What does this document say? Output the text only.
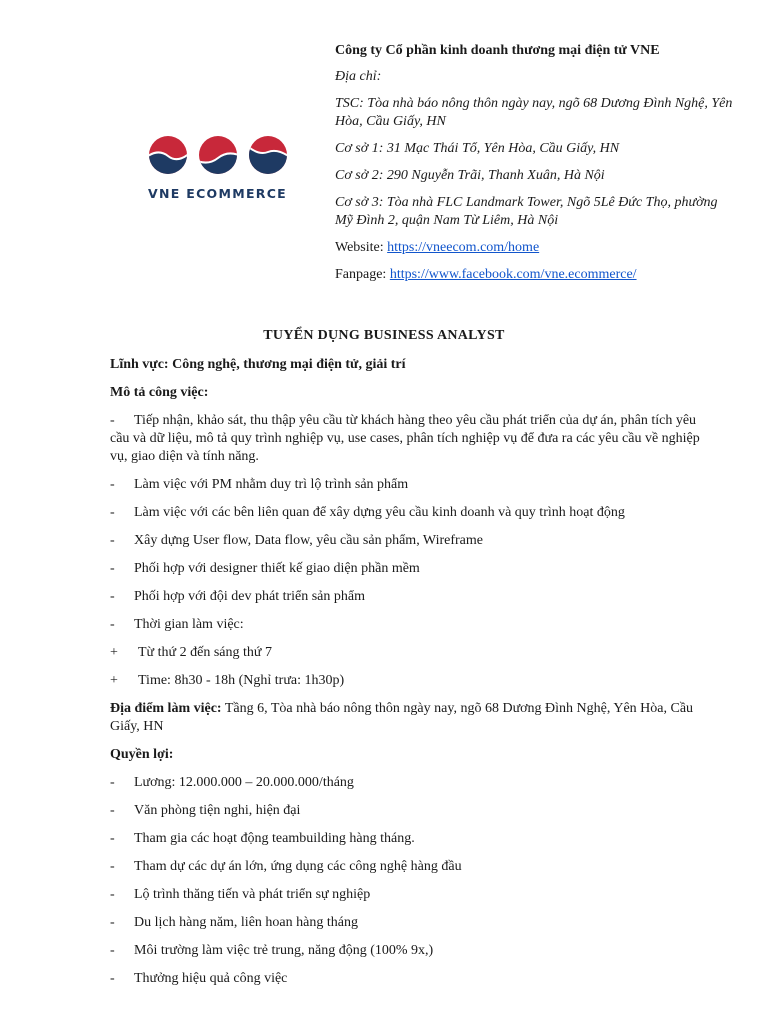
VNE ECOMMERCE
Công ty Cổ phần kinh doanh thương mại điện tử VNE
Địa chỉ:
TSC: Tòa nhà báo nông thôn ngày nay, ngõ 68 Dương Đình Nghệ, Yên Hòa, Cầu Giấy, HN
Cơ sở 1: 31 Mạc Thái Tổ, Yên Hòa, Cầu Giấy, HN
Cơ sở 2: 290 Nguyễn Trãi, Thanh Xuân, Hà Nội
Cơ sở 3: Tòa nhà FLC Landmark Tower, Ngõ 5Lê Đức Thọ, phường Mỹ Đình 2, quận Nam Từ Liêm, Hà Nội
Website: https://vneecom.com/home
Fanpage: https://www.facebook.com/vne.ecommerce/
TUYỂN DỤNG BUSINESS ANALYST
Lĩnh vực: Công nghệ, thương mại điện tử, giải trí
Mô tả công việc:
- Tiếp nhận, khảo sát, thu thập yêu cầu từ khách hàng theo yêu cầu phát triển của dự án, phân tích yêu cầu và dữ liệu, mô tả quy trình nghiệp vụ, use cases, phân tích nghiệp vụ để đưa ra các yêu cầu về nghiệp vụ, giao diện và tính năng.
-	Làm việc với PM nhằm duy trì lộ trình sản phẩm
-	Làm việc với các bên liên quan để xây dựng yêu cầu kinh doanh và quy trình hoạt động
-	Xây dựng User flow, Data flow, yêu cầu sản phẩm, Wireframe
-	Phối hợp với designer thiết kế giao diện phần mềm
-	Phối hợp với đội dev phát triển sản phẩm
-	Thời gian làm việc:
+	Từ thứ 2 đến sáng thứ 7
+	Time: 8h30 - 18h (Nghỉ trưa: 1h30p)
Địa điểm làm việc: Tầng 6, Tòa nhà báo nông thôn ngày nay, ngõ 68 Dương Đình Nghệ, Yên Hòa, Cầu Giấy, HN
Quyền lợi:
-	Lương: 12.000.000 – 20.000.000/tháng
-	Văn phòng tiện nghi, hiện đại
-	Tham gia các hoạt động teambuilding hàng tháng.
-	Tham dự các dự án lớn, ứng dụng các công nghệ hàng đầu
-	Lộ trình thăng tiến và phát triển sự nghiệp
-	Du lịch hàng năm, liên hoan hàng tháng
-	Môi trường làm việc trẻ trung, năng động (100% 9x,)
-	Thưởng hiệu quả công việc
